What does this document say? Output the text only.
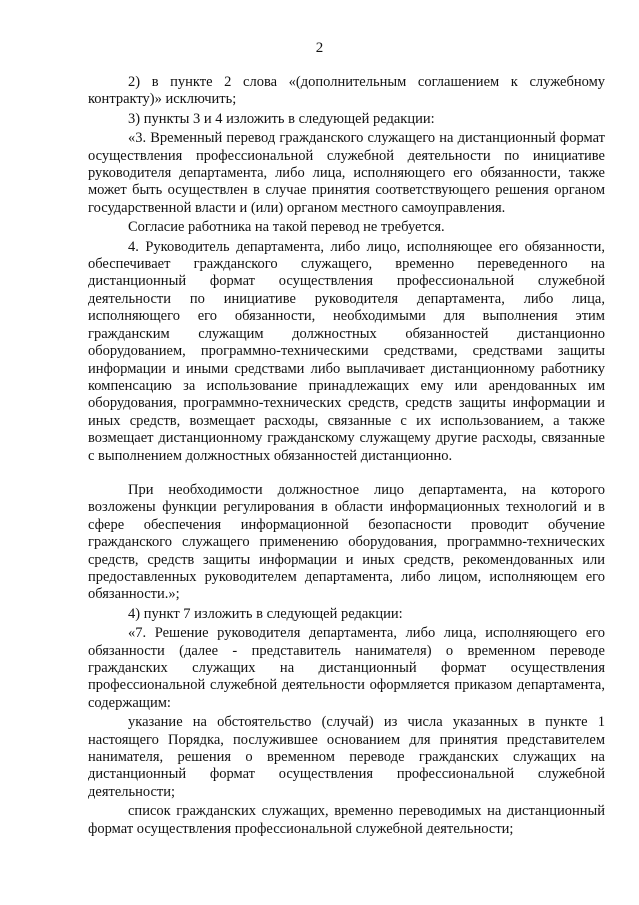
2

2) в пункте 2 слова «(дополнительным соглашением к служебному контракту)» исключить;

3) пункты 3 и 4 изложить в следующей редакции:

«3. Временный перевод гражданского служащего на дистанционный формат осуществления профессиональной служебной деятельности по инициативе руководителя департамента, либо лица, исполняющего его обязанности, также может быть осуществлен в случае принятия соответствующего решения органом государственной власти и (или) органом местного самоуправления.

Согласие работника на такой перевод не требуется.

4. Руководитель департамента, либо лицо, исполняющее его обязанности, обеспечивает гражданского служащего, временно переведенного на дистанционный формат осуществления профессиональной служебной деятельности по инициативе руководителя департамента, либо лица, исполняющего его обязанности, необходимыми для выполнения этим гражданским служащим должностных обязанностей дистанционно оборудованием, программно-техническими средствами, средствами защиты информации и иными средствами либо выплачивает дистанционному работнику компенсацию за использование принадлежащих ему или арендованных им оборудования, программно-технических средств, средств защиты информации и иных средств, возмещает расходы, связанные с их использованием, а также возмещает дистанционному гражданскому служащему другие расходы, связанные с выполнением должностных обязанностей дистанционно.

При необходимости должностное лицо департамента, на которого возложены функции регулирования в области информационных технологий и в сфере обеспечения информационной безопасности проводит обучение гражданского служащего применению оборудования, программно-технических средств, средств защиты информации и иных средств, рекомендованных или предоставленных руководителем департамента, либо лицом, исполняющем его обязанности.»;

4) пункт 7 изложить в следующей редакции:

«7. Решение руководителя департамента, либо лица, исполняющего его обязанности (далее - представитель нанимателя) о временном переводе гражданских служащих на дистанционный формат осуществления профессиональной служебной деятельности оформляется приказом департамента, содержащим:

указание на обстоятельство (случай) из числа указанных в пункте 1 настоящего Порядка, послужившее основанием для принятия представителем нанимателя, решения о временном переводе гражданских служащих на дистанционный формат осуществления профессиональной служебной деятельности;

список гражданских служащих, временно переводимых на дистанционный формат осуществления профессиональной служебной деятельности;
